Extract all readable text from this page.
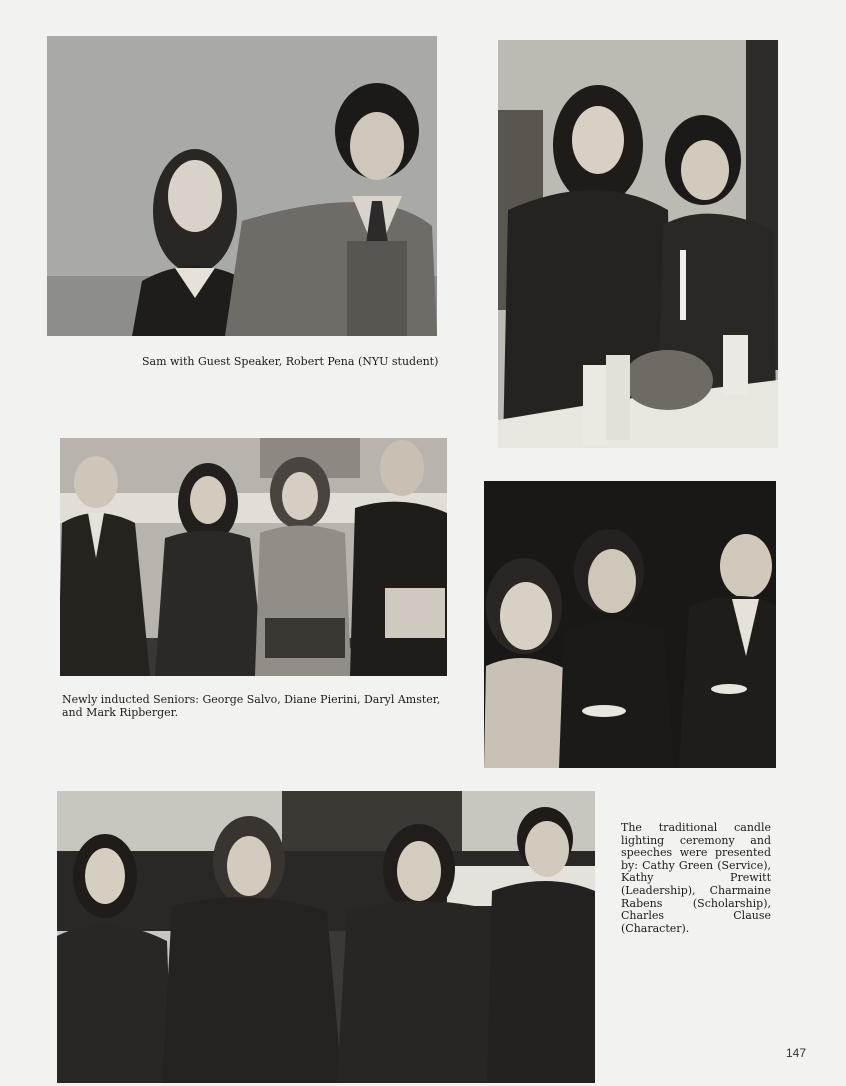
Sam with Guest Speaker, Robert Pena (NYU student)
Newly inducted Seniors: George Salvo, Diane Pierini, Daryl Amster,
and Mark Ripberger.
The traditional candle lighting ceremony and speeches were presented by: Cathy Green (Service), Kathy Prewitt (Leadership), Charmaine Rabens (Scholarship), Charles Clause (Character).
147
